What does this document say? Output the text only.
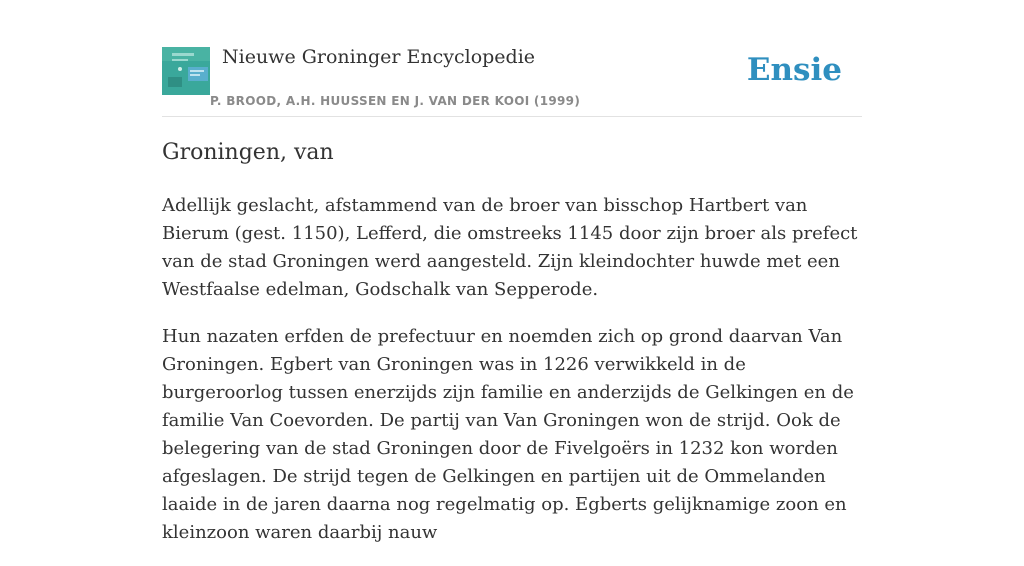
Nieuwe Groninger Encyclopedie
P. BROOD, A.H. HUUSSEN EN J. VAN DER KOOI (1999)
Ensie
Groningen, van

Adellijk geslacht, afstammend van de broer van bisschop Hartbert van Bierum (gest. 1150), Lefferd, die omstreeks 1145 door zijn broer als prefect van de stad Groningen werd aangesteld. Zijn kleindochter huwde met een Westfaalse edelman, Godschalk van Sepperode.

Hun nazaten erfden de prefectuur en noemden zich op grond daarvan Van Groningen. Egbert van Groningen was in 1226 verwikkeld in de burgeroorlog tussen enerzijds zijn familie en anderzijds de Gelkingen en de familie Van Coevorden. De partij van Van Groningen won de strijd. Ook de belegering van de stad Groningen door de Fivelgoërs in 1232 kon worden afgeslagen. De strijd tegen de Gelkingen en partijen uit de Ommelanden laaide in de jaren daarna nog regelmatig op. Egberts gelijknamige zoon en kleinzoon waren daarbij nauw
